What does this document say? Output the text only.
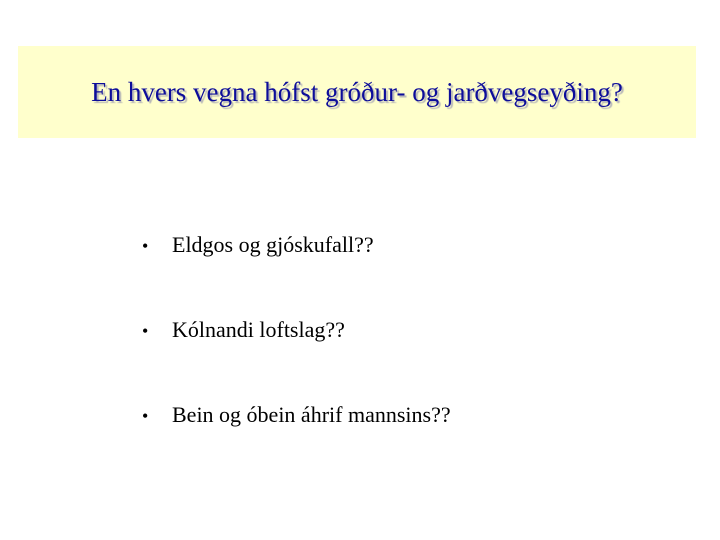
En hvers vegna hófst gróður- og jarðvegseyðing?
•	Eldgos og gjóskufall??
•	Kólnandi loftslag??
•	Bein og óbein áhrif mannsins??
